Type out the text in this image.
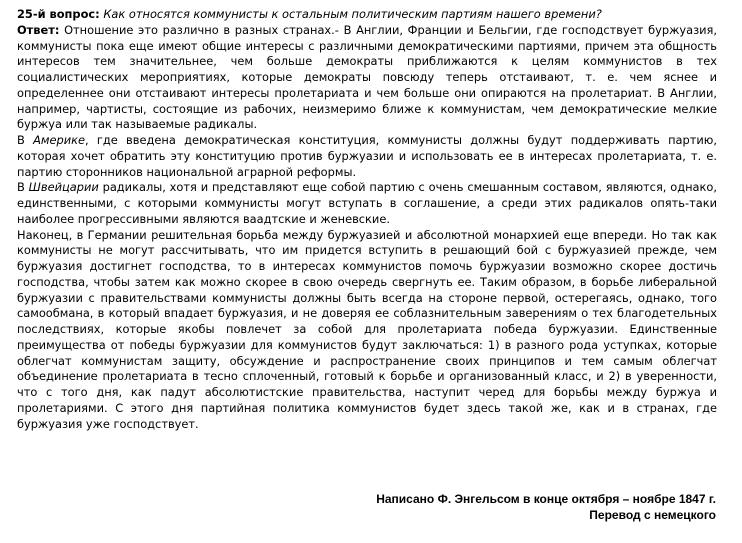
25-й вопрос: Как относятся коммунисты к остальным политическим партиям нашего времени?

Ответ: Отношение это различно в разных странах.- В Англии, Франции и Бельгии, где господствует буржуазия, коммунисты пока еще имеют общие интересы с различными демократическими партиями, причем эта общность интересов тем значительнее, чем больше демократы приближаются к целям коммунистов в тех социалистических мероприятиях, которые демократы повсюду теперь отстаивают, т. е. чем яснее и определеннее они отстаивают интересы пролетариата и чем больше они опираются на пролетариат. В Англии, например, чартисты, состоящие из рабочих, неизмеримо ближе к коммунистам, чем демократические мелкие буржуа или так называемые радикалы.

В Америке, где введена демократическая конституция, коммунисты должны будут поддерживать партию, которая хочет обратить эту конституцию против буржуазии и использовать ее в интересах пролетариата, т. е. партию сторонников национальной аграрной реформы.

В Швейцарии радикалы, хотя и представляют еще собой партию с очень смешанным составом, являются, однако, единственными, с которыми коммунисты могут вступать в соглашение, а среди этих радикалов опять-таки наиболее прогрессивными являются ваадтские и женевские.

Наконец, в Германии решительная борьба между буржуазией и абсолютной монархией еще впереди. Но так как коммунисты не могут рассчитывать, что им придется вступить в решающий бой с буржуазией прежде, чем буржуазия достигнет господства, то в интересах коммунистов помочь буржуазии возможно скорее достичь господства, чтобы затем как можно скорее в свою очередь свергнуть ее. Таким образом, в борьбе либеральной буржуазии с правительствами коммунисты должны быть всегда на стороне первой, остерегаясь, однако, того самообмана, в который впадает буржуазия, и не доверяя ее соблазнительным заверениям о тех благодетельных последствиях, которые якобы повлечет за собой для пролетариата победа буржуазии. Единственные преимущества от победы буржуазии для коммунистов будут заключаться: 1) в разного рода уступках, которые облегчат коммунистам защиту, обсуждение и распространение своих принципов и тем самым облегчат объединение пролетариата в тесно сплоченный, готовый к борьбе и организованный класс, и 2) в уверенности, что с того дня, как падут абсолютистские правительства, наступит черед для борьбы между буржуа и пролетариями. С этого дня партийная политика коммунистов будет здесь такой же, как и в странах, где буржуазия уже господствует.

Написано Ф. Энгельсом в конце октября – ноябре 1847 г.
Перевод с немецкого
